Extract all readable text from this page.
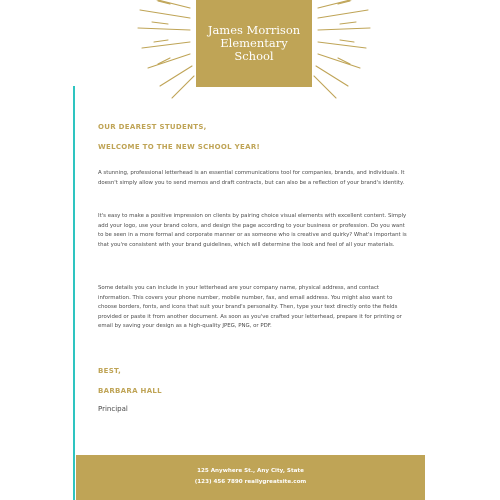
James Morrison
Elementary
School
OUR DEAREST STUDENTS,
WELCOME TO THE NEW SCHOOL YEAR!
A stunning, professional letterhead is an essential communications tool for companies, brands, and individuals. It doesn't simply allow you to send memos and draft contracts, but can also be a reflection of your brand's identity.
It's easy to make a positive impression on clients by pairing choice visual elements with excellent content. Simply add your logo, use your brand colors, and design the page according to your business or profession. Do you want to be seen in a more formal and corporate manner or as someone who is creative and quirky? What's important is that you're consistent with your brand guidelines, which will determine the look and feel of all your materials.
Some details you can include in your letterhead are your company name, physical address, and contact information. This covers your phone number, mobile number, fax, and email address. You might also want to choose borders, fonts, and icons that suit your brand's personality. Then, type your text directly onto the fields provided or paste it from another document. As soon as you've crafted your letterhead, prepare it for printing or email by saving your design as a high-quality JPEG, PNG, or PDF.
BEST,
BARBARA HALL
Principal
125 Anywhere St., Any City, State
(123) 456 7890 reallygreatsite.com
